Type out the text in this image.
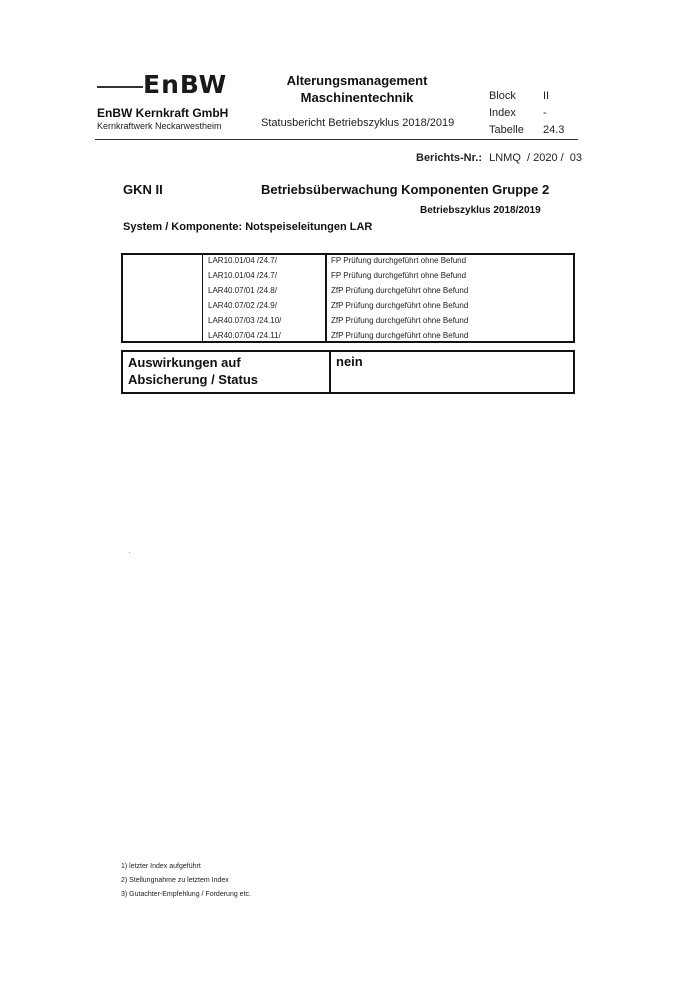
EnBW
EnBW Kernkraft GmbH
Kernkraftwerk Neckarwestheim
Alterungsmanagement
Maschinentechnik
Statusbericht Betriebszyklus 2018/2019
Block II
Index -
Tabelle 24.3
Berichts-Nr.: LNMQ  / 2020 /  03
GKN II	Betriebsüberwachung Komponenten Gruppe 2
Betriebszyklus 2018/2019
System / Komponente: Notspeiseleitungen LAR
LAR10.01/04 /24.7/	FP Prüfung durchgeführt ohne Befund
LAR10.01/04 /24.7/	FP Prüfung durchgeführt ohne Befund
LAR40.07/01 /24.8/	ZfP Prüfung durchgeführt ohne Befund
LAR40.07/02 /24.9/	ZfP Prüfung durchgeführt ohne Befund
LAR40.07/03 /24.10/	ZfP Prüfung durchgeführt ohne Befund
LAR40.07/04 /24.11/	ZfP Prüfung durchgeführt ohne Befund
Auswirkungen auf
Absicherung / Status
nein
1) letzter Index aufgeführt
2) Stellungnahme zu letztem Index
3) Gutachter-Empfehlung / Forderung etc.
